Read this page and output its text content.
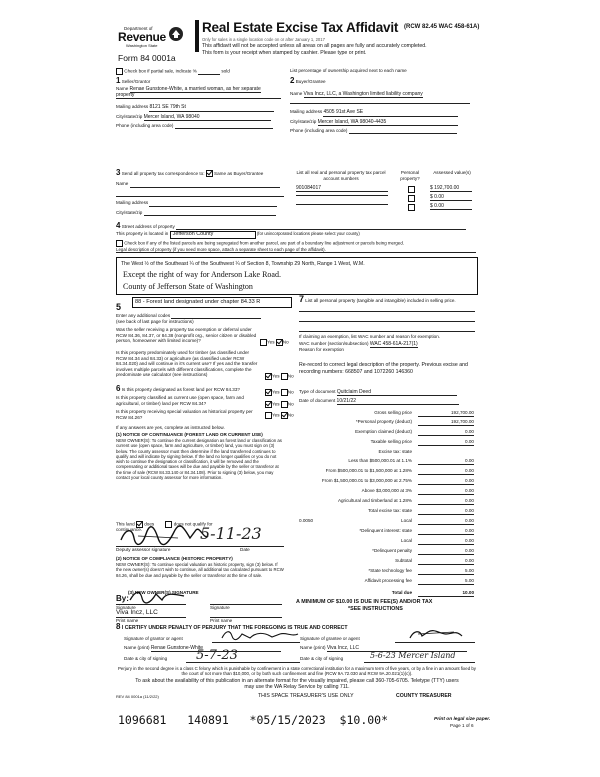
Department of
Revenue
Washington State
Form 84 0001a
Real Estate Excise Tax Affidavit (RCW 82.45 WAC 458-61A)
Only for sales in a single location code on or after January 1, 2017
This affidavit will not be accepted unless all areas on all pages are fully and accurately completed.
This form is your receipt when stamped by cashier. Please type or print.
Check box if partial sale, indicate %	sold	List percentage of ownership acquired next to each name
1 Seller/Grantor
Name Renae Gunstone-White, a married woman, as her separate
property
Mailing address 8121 SE 79th St
City/state/zip Mercer Island, WA 98040
Phone (including area code)
2 Buyer/Grantee
Name Viva Incz, LLC, a Washington limited liability company

Mailing address 4505 91st Ave SE
City/state/zip Mercer Island, WA 98040-4435
Phone (including area code)
3 Send all property tax correspondence to: Same as Buyer/Grantee
Name

Mailing address
City/state/zip
List all real and personal property tax parcel account numbers
Personal property?
Assessed value(s)
901084017	$ 192,700.00
$ 0.00
$ 0.00
4 Street address of property
This property is located in Jefferson County	(for unincorporated locations please select your county)
Check box if any of the listed parcels are being segregated from another parcel, are part of a boundary line adjustment or parcels being merged.
Legal description of property (if you need more space, attach a separate sheet to each page of the affidavit).
The West ½ of the Southeast ¼ of the Southwest ¼ of Section 8, Township 29 North, Range 1 West, W.M.
Except the right of way for Anderson Lake Road.
County of Jefferson State of Washington
5	88 - Forest land designated under chapter 84.33 R
Enter any additional codes
(see back of last page for instructions)
Was the seller receiving a property tax exemption or deferral under RCW 84.36, 84.37, or 84.38 (nonprofit org., senior citizen or disabled person, homeowner with limited income)?	Yes No
Is this property predominately used for timber (as classified under RCW 84.34 and 84.33) or agriculture (as classified under RCW 84.34.020) and will continue in it's current use? If yes and the transfer involves multiple parcels with different classifications, complete the predominate use calculator (see instructions)	Yes No
6 Is this property designated as forest land per RCW 84.33?
Yes No
Is this property classified as current use (open space, farm and agricultural, or timber) land per RCW 84.34?	Yes No
Is this property receiving special valuation as historical property per RCW 84.26?	Yes No
If any answers are yes, complete as instructed below.
(1) NOTICE OF CONTINUANCE (FOREST LAND OR CURRENT USE)
NEW OWNER(S): To continue the current designation as forest land or classification as current use (open space, farm and agriculture, or timber) land, you must sign on (3) below. The county assessor must then determine if the land transferred continues to qualify and will indicate by signing below. If the land no longer qualifies or you do not wish to continue the designation or classification, it will be removed and the compensating or additional taxes will be due and payable by the seller or transferor at the time of sale (RCW 84.33.140 or 84.34.108). Prior to signing (3) below, you may contact your local county assessor for more information.
This land does	does not qualify for
continuance.	5-11-23
Deputy assessor signature	Date
(2) NOTICE OF COMPLIANCE (HISTORIC PROPERTY)
NEW OWNER(S): To continue special valuation as historic property, sign (3) below. If the new owner(s) doesn't wish to continue, all additional tax calculated pursuant to RCW 84.26, shall be due and payable by the seller or transferor at the time of sale.
(3) NEW OWNER(S) SIGNATURE
By:
Signature	Signature
Viva Incz, LLC
Print name	Print name
7 List all personal property (tangible and intangible) included in selling price.
If claiming an exemption, list WAC number and reason for exemption.
WAC number (section/subsection) WAC 458-61A-217(1)
Reason for exemption
Re-record to correct legal description of the property. Previous excise and recording numbers: 668507 and 1072260 146360
Type of document Quitclaim Deed
Date of document 10/21/22
Gross selling price	192,700.00
*Personal property (deduct)	192,700.00
Exemption claimed (deduct)	0.00
Taxable selling price	0.00
Excise tax: state
Less than $500,000.01 at 1.1%	0.00
From $500,000.01 to $1,500,000 at 1.28%	0.00
From $1,500,000.01 to $3,000,000 at 2.75%	0.00
Above $3,000,000 at 3%	0.00
Agricultural and timberland at 1.28%	0.00
Total excise tax: state	0.00
0.0050	Local	0.00
*Delinquent interest: state	0.00
Local	0.00
*Delinquent penalty	0.00
Subtotal	0.00
*State technology fee	5.00
Affidavit processing fee	5.00
Total due	10.00
A MINIMUM OF $10.00 IS DUE IN FEE(S) AND/OR TAX
*SEE INSTRUCTIONS
8 I CERTIFY UNDER PENALTY OF PERJURY THAT THE FOREGOING IS TRUE AND CORRECT
Signature of grantor or agent
Name (print) Renae Gunstone-White
Date & city of signing 5-7-23
Signature of grantee or agent
Name (print) Viva Incz, LLC
Date & city of signing	5-6-23 Mercer Island
Perjury in the second degree is a class C felony which is punishable by confinement in a state correctional institution for a maximum term of five years, or by a fine in an amount fixed by the court of not more than $10,000, or by both such confinement and fine (RCW 9A.72.030 and RCW 9A.20.021(1)(c)).
To ask about the availability of this publication in an alternate format for the visually impaired, please call 360-705-6705. Teletype (TTY) users may use the WA Relay Service by calling 711.
REV 84 0001a (11/2/22)	THIS SPACE TREASURER'S USE ONLY	COUNTY TREASURER
1096681   140891   *05/15/2023  $10.00*	Print on legal size paper.
Page 1 of 6
